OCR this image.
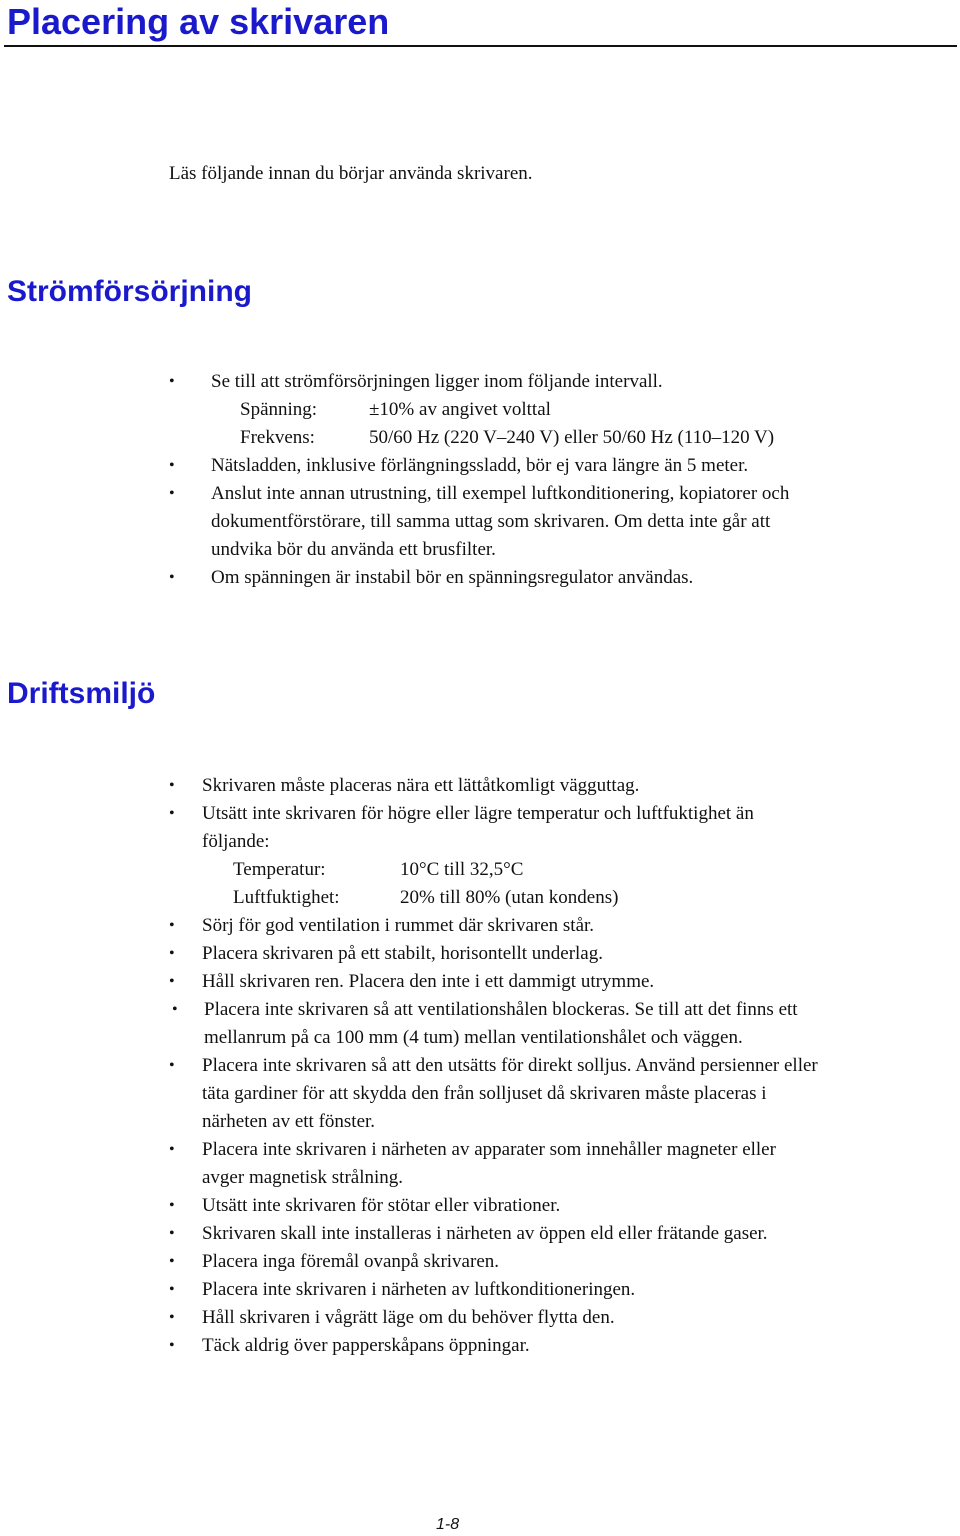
Placering av skrivaren

Läs följande innan du börjar använda skrivaren.

Strömförsörjning
• Se till att strömförsörjningen ligger inom följande intervall.
Spänning:	±10% av angivet volttal
Frekvens:	50/60 Hz (220 V–240 V) eller 50/60 Hz (110–120 V)
• Nätsladden, inklusive förlängningssladd, bör ej vara längre än 5 meter.
• Anslut inte annan utrustning, till exempel luftkonditionering, kopiatorer och
dokumentförstörare, till samma uttag som skrivaren. Om detta inte går att
undvika bör du använda ett brusfilter.
• Om spänningen är instabil bör en spänningsregulator användas.
Driftsmiljö
• Skrivaren måste placeras nära ett lättåtkomligt vägguttag.
• Utsätt inte skrivaren för högre eller lägre temperatur och luftfuktighet än
följande:
Temperatur:	10°C till 32,5°C
Luftfuktighet:	20% till 80% (utan kondens)
• Sörj för god ventilation i rummet där skrivaren står.
• Placera skrivaren på ett stabilt, horisontellt underlag.
• Håll skrivaren ren. Placera den inte i ett dammigt utrymme.
• Placera inte skrivaren så att ventilationshålen blockeras. Se till att det finns ett
mellanrum på ca 100 mm (4 tum) mellan ventilationshålet och väggen.
• Placera inte skrivaren så att den utsätts för direkt solljus. Använd persienner eller
täta gardiner för att skydda den från solljuset då skrivaren måste placeras i
närheten av ett fönster.
• Placera inte skrivaren i närheten av apparater som innehåller magneter eller
avger magnetisk strålning.
• Utsätt inte skrivaren för stötar eller vibrationer.
• Skrivaren skall inte installeras i närheten av öppen eld eller frätande gaser.
• Placera inga föremål ovanpå skrivaren.
• Placera inte skrivaren i närheten av luftkonditioneringen.
• Håll skrivaren i vågrätt läge om du behöver flytta den.
• Täck aldrig över papperskåpans öppningar.
1-8
